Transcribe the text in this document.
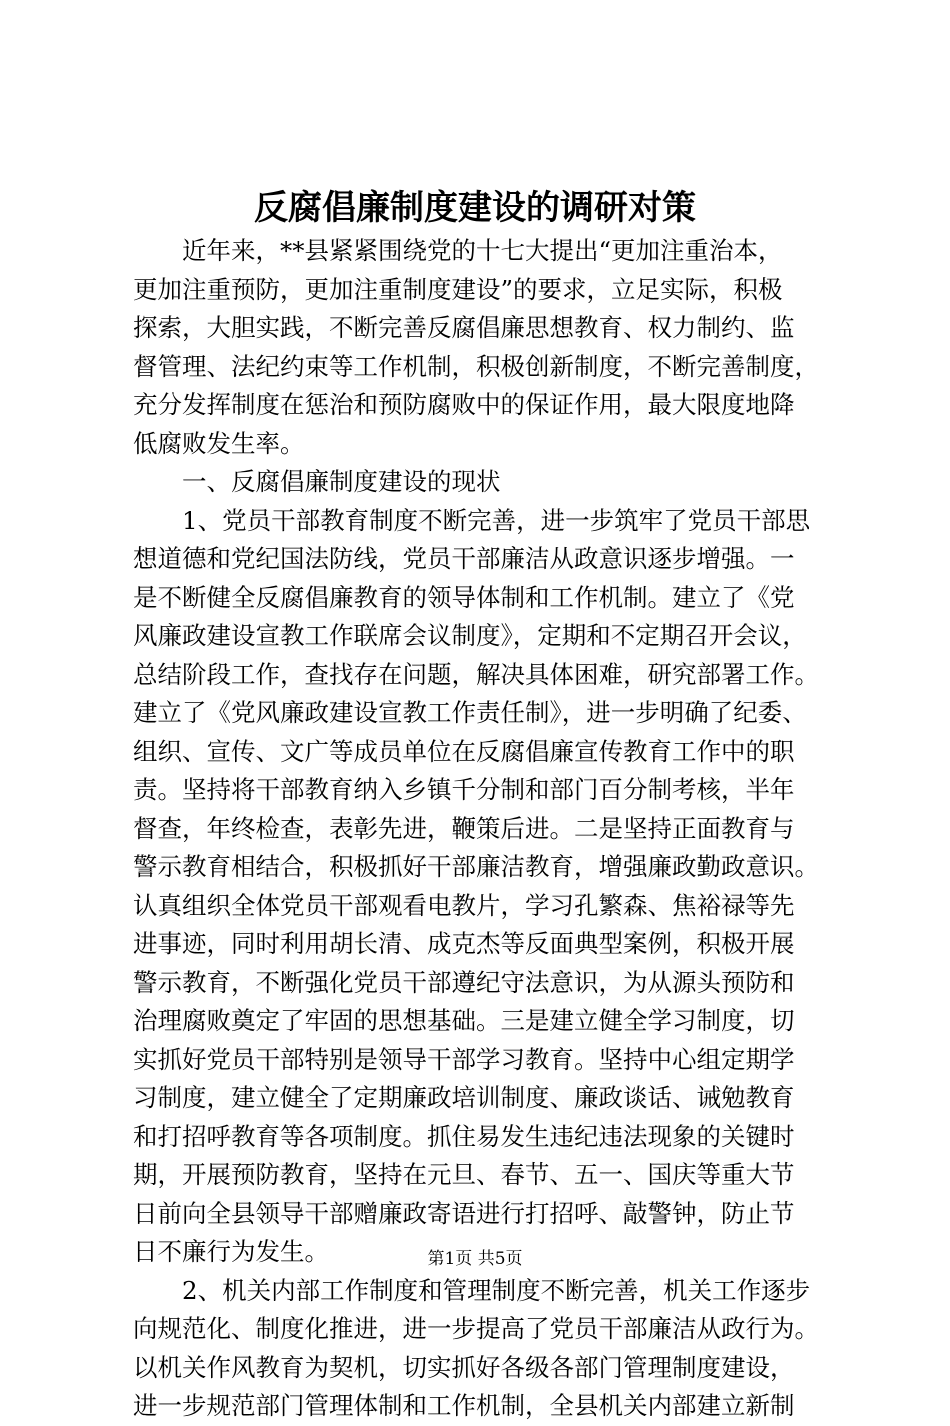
反腐倡廉制度建设的调研对策
　　近年来，**县紧紧围绕党的十七大提出“更加注重治本，
更加注重预防，更加注重制度建设”的要求，立足实际，积极
探索，大胆实践，不断完善反腐倡廉思想教育、权力制约、监
督管理、法纪约束等工作机制，积极创新制度，不断完善制度，
充分发挥制度在惩治和预防腐败中的保证作用，最大限度地降
低腐败发生率。
　　一、反腐倡廉制度建设的现状
　　1、党员干部教育制度不断完善，进一步筑牢了党员干部思
想道德和党纪国法防线，党员干部廉洁从政意识逐步增强。一
是不断健全反腐倡廉教育的领导体制和工作机制。建立了《党
风廉政建设宣教工作联席会议制度》，定期和不定期召开会议，
总结阶段工作，查找存在问题，解决具体困难，研究部署工作。
建立了《党风廉政建设宣教工作责任制》，进一步明确了纪委、
组织、宣传、文广等成员单位在反腐倡廉宣传教育工作中的职
责。坚持将干部教育纳入乡镇千分制和部门百分制考核，半年
督查，年终检查，表彰先进，鞭策后进。二是坚持正面教育与
警示教育相结合，积极抓好干部廉洁教育，增强廉政勤政意识。
认真组织全体党员干部观看电教片，学习孔繁森、焦裕禄等先
进事迹，同时利用胡长清、成克杰等反面典型案例，积极开展
警示教育，不断强化党员干部遵纪守法意识，为从源头预防和
治理腐败奠定了牢固的思想基础。三是建立健全学习制度，切
实抓好党员干部特别是领导干部学习教育。坚持中心组定期学
习制度，建立健全了定期廉政培训制度、廉政谈话、诫勉教育
和打招呼教育等各项制度。抓住易发生违纪违法现象的关键时
期，开展预防教育，坚持在元旦、春节、五一、国庆等重大节
日前向全县领导干部赠廉政寄语进行打招呼、敲警钟，防止节
日不廉行为发生。
　　2、机关内部工作制度和管理制度不断完善，机关工作逐步
向规范化、制度化推进，进一步提高了党员干部廉洁从政行为。
以机关作风教育为契机，切实抓好各级各部门管理制度建设，
进一步规范部门管理体制和工作机制，全县机关内部建立新制
第1页 共5页
